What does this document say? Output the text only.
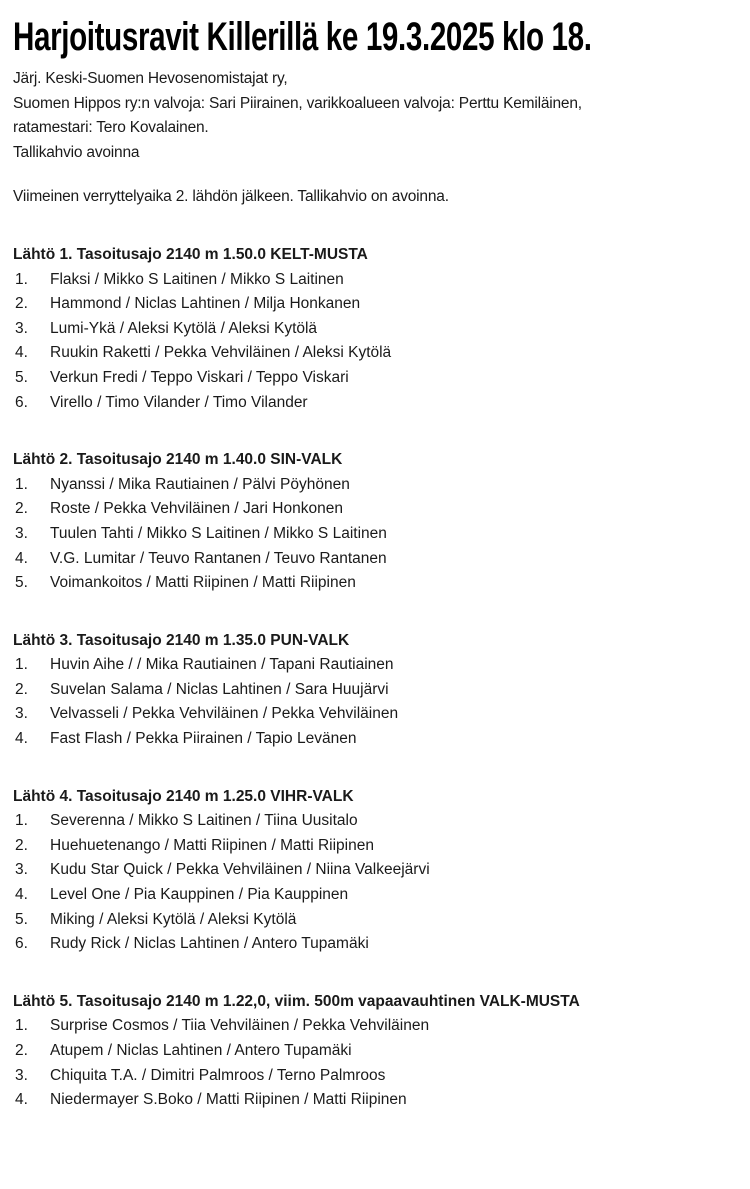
Harjoitusravit Killerillä ke 19.3.2025 klo 18.
Järj. Keski-Suomen Hevosenomistajat ry,
Suomen Hippos ry:n valvoja: Sari Piirainen, varikkoalueen valvoja: Perttu Kemiläinen,
ratamestari: Tero Kovalainen.
Tallikahvio avoinna
Viimeinen verryttelyaika 2. lähdön jälkeen. Tallikahvio on avoinna.
Lähtö 1. Tasoitusajo 2140 m 1.50.0 KELT-MUSTA
1.	Flaksi / Mikko S Laitinen / Mikko S Laitinen
2.	Hammond / Niclas Lahtinen / Milja Honkanen
3.	Lumi-Ykä / Aleksi Kytölä / Aleksi Kytölä
4.	Ruukin Raketti / Pekka Vehviläinen / Aleksi Kytölä
5.	Verkun Fredi / Teppo Viskari / Teppo Viskari
6.	Virello / Timo Vilander / Timo Vilander
Lähtö 2. Tasoitusajo 2140 m 1.40.0 SIN-VALK
1.	Nyanssi / Mika Rautiainen / Pälvi Pöyhönen
2.	Roste / Pekka Vehviläinen / Jari Honkonen
3.	Tuulen Tahti / Mikko S Laitinen / Mikko S Laitinen
4.	V.G. Lumitar / Teuvo Rantanen / Teuvo Rantanen
5.	Voimankoitos / Matti Riipinen / Matti Riipinen
Lähtö 3. Tasoitusajo 2140 m 1.35.0 PUN-VALK
1.	Huvin Aihe / / Mika Rautiainen / Tapani Rautiainen
2.	Suvelan Salama / Niclas Lahtinen / Sara Huujärvi
3.	Velvasseli / Pekka Vehviläinen / Pekka Vehviläinen
4.	Fast Flash / Pekka Piirainen / Tapio Levänen
Lähtö 4. Tasoitusajo 2140 m 1.25.0 VIHR-VALK
1.	Severenna / Mikko S Laitinen / Tiina Uusitalo
2.	Huehuetenango / Matti Riipinen / Matti Riipinen
3.	Kudu Star Quick / Pekka Vehviläinen / Niina Valkeejärvi
4.	Level One / Pia Kauppinen / Pia Kauppinen
5.	Miking / Aleksi Kytölä / Aleksi Kytölä
6.	Rudy Rick / Niclas Lahtinen / Antero Tupamäki
Lähtö 5. Tasoitusajo 2140 m 1.22,0, viim. 500m vapaavauhtinen VALK-MUSTA
1.	Surprise Cosmos / Tiia Vehviläinen / Pekka Vehviläinen
2.	Atupem / Niclas Lahtinen / Antero Tupamäki
3.	Chiquita T.A. / Dimitri Palmroos / Terno Palmroos
4.	Niedermayer S.Boko / Matti Riipinen / Matti Riipinen
